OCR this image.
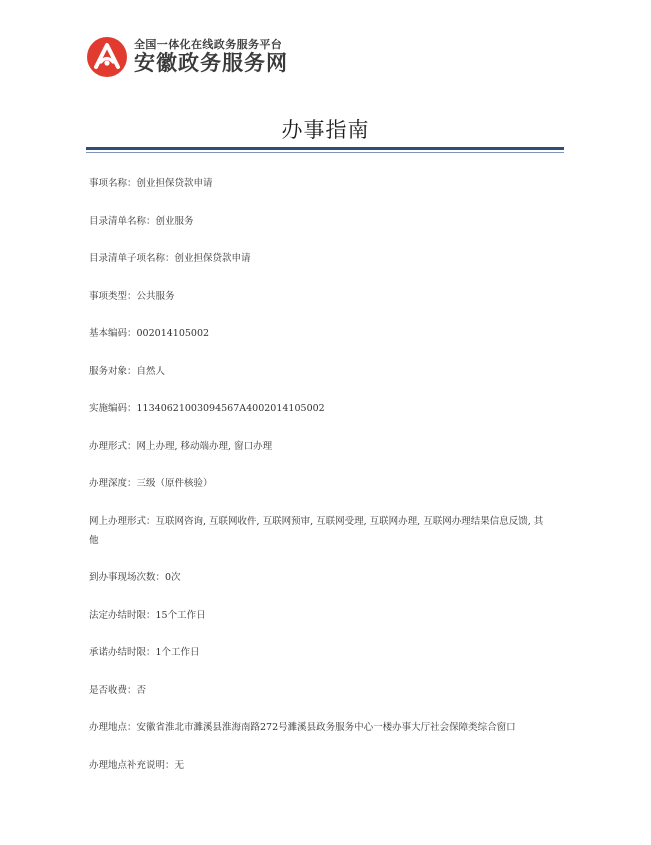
全国一体化在线政务服务平台
安徽政务服务网
办事指南
事项名称：创业担保贷款申请
目录清单名称：创业服务
目录清单子项名称：创业担保贷款申请
事项类型：公共服务
基本编码：002014105002
服务对象：自然人
实施编码：11340621003094567A4002014105002
办理形式：网上办理, 移动端办理, 窗口办理
办理深度：三级（原件核验）
网上办理形式：互联网咨询, 互联网收件, 互联网预审, 互联网受理, 互联网办理, 互联网办理结果信息反馈, 其他
到办事现场次数：0次
法定办结时限：15个工作日
承诺办结时限：1个工作日
是否收费：否
办理地点：安徽省淮北市濉溪县淮海南路272号濉溪县政务服务中心一楼办事大厅社会保障类综合窗口
办理地点补充说明：无
